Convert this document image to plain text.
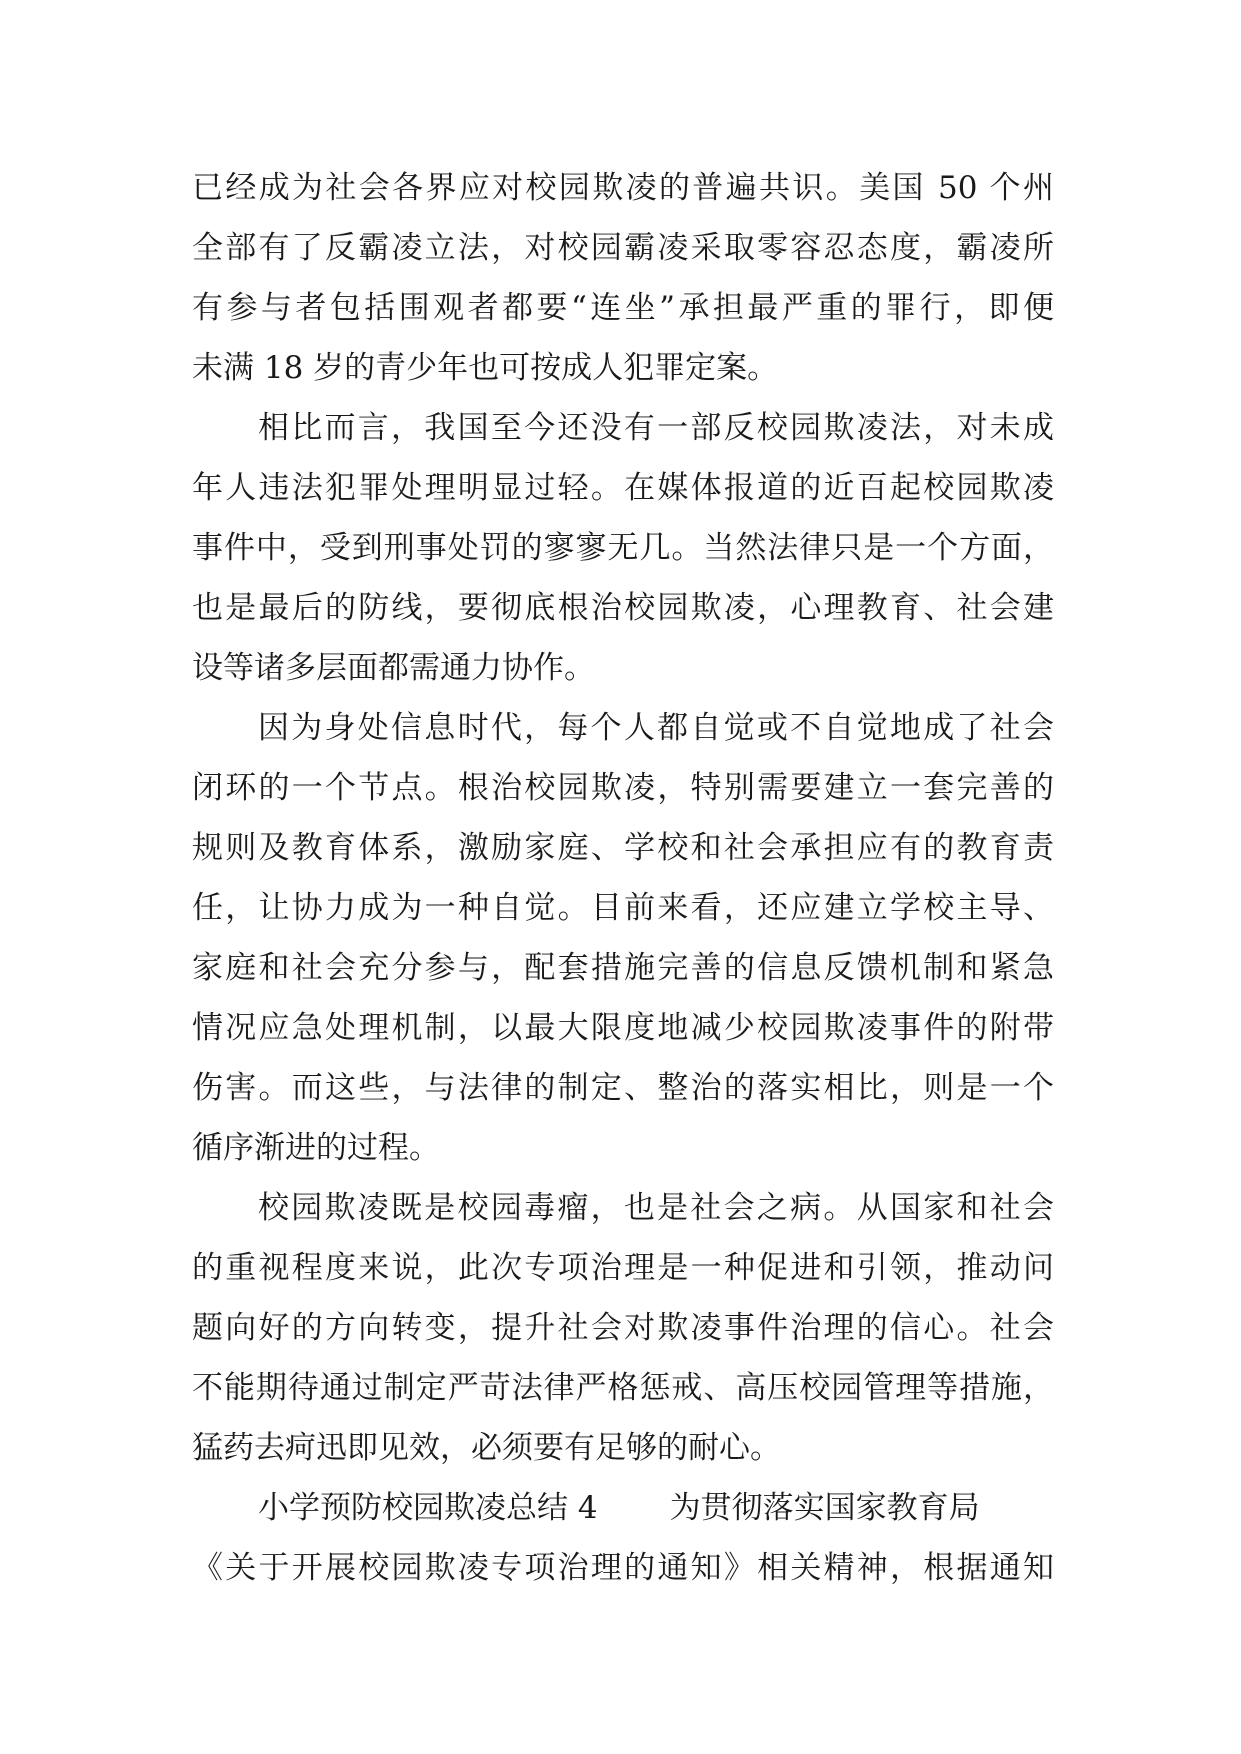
已经成为社会各界应对校园欺凌的普遍共识。美国 50 个州
全部有了反霸凌立法，对校园霸凌采取零容忍态度，霸凌所
有参与者包括围观者都要“连坐”承担最严重的罪行，即便
未满 18 岁的青少年也可按成人犯罪定案。
相比而言，我国至今还没有一部反校园欺凌法，对未成
年人违法犯罪处理明显过轻。在媒体报道的近百起校园欺凌
事件中，受到刑事处罚的寥寥无几。当然法律只是一个方面，
也是最后的防线，要彻底根治校园欺凌，心理教育、社会建
设等诸多层面都需通力协作。
因为身处信息时代，每个人都自觉或不自觉地成了社会
闭环的一个节点。根治校园欺凌，特别需要建立一套完善的
规则及教育体系，激励家庭、学校和社会承担应有的教育责
任，让协力成为一种自觉。目前来看，还应建立学校主导、
家庭和社会充分参与，配套措施完善的信息反馈机制和紧急
情况应急处理机制，以最大限度地减少校园欺凌事件的附带
伤害。而这些，与法律的制定、整治的落实相比，则是一个
循序渐进的过程。
校园欺凌既是校园毒瘤，也是社会之病。从国家和社会
的重视程度来说，此次专项治理是一种促进和引领，推动问
题向好的方向转变，提升社会对欺凌事件治理的信心。社会
不能期待通过制定严苛法律严格惩戒、高压校园管理等措施，
猛药去疴迅即见效，必须要有足够的耐心。
小学预防校园欺凌总结 4 为贯彻落实国家教育局
《关于开展校园欺凌专项治理的通知》相关精神，根据通知
